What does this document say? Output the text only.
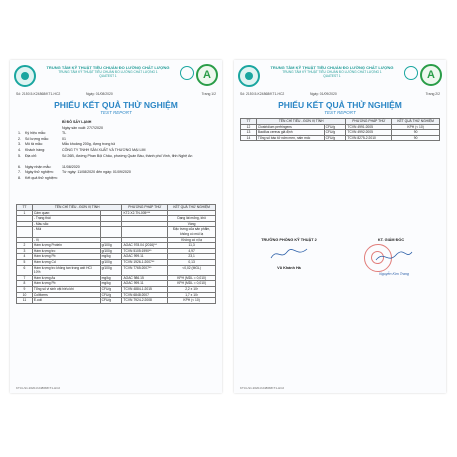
TRUNG TÂM KỸ THUẬT TIÊU CHUẨN ĐO LƯỜNG CHẤT LƯỢNG
TRUNG TÂM KỸ THUẬT TIÊU CHUẨN ĐO LƯỜNG CHẤT LƯỢNG 1
QUATEST 1	A
Số: 2150.5-K24868/KT1-HC2	Ngày: 01/08/2020	Trang 1/2
PHIẾU KẾT QUẢ THỬ NGHIỆM
TEST REPORT
BÌ ĐỎ SẤY LẠNH
Ngày sản xuất: 27/7/2020
1.	Ký hiệu mẫu:	TL
2.	Số lượng mẫu:	01
3.	Mô tả mẫu:	Mẫu khoảng 200g, đựng trong túi
4.	Khách hàng:	CÔNG TY TNHH SẢN XUẤT VÀ THƯƠNG MẠI LIM
5.	Địa chỉ:	Số 26B, đường Phan Bội Châu, phường Quán Bàu, thành phố Vinh, tỉnh Nghệ An
6.	Ngày nhận mẫu:	11/08/2020
7.	Ngày thử nghiệm:	Từ ngày: 11/08/2020 đến ngày: 01/09/2020
8.	Kết quả thử nghiệm:
TT	TÊN CHỈ TIÊU - ĐƠN VỊ TÍNH		PHƯƠNG PHÁP THỬ	KẾT QUẢ THỬ NGHIỆM
1	Cảm quan:		KT2.X2.TN-005***	
	- Trạng thái			Dạng lát mỏng, khô
	- Màu sắc			Vàng
	- Mùi			Đặc trưng của sản phẩm, không có mùi lạ
	- Vị			Không có vị lạ
2	Hàm lượng Protein	g/100g	AOAC 978.04 (2016)**	11,3
3	Hàm lượng tro	g/100g	TCVN 5105:1990**	4,97
4	Hàm lượng Pb	mg/kg	AOAC 999.11	23,1
5	Hàm lượng Cd	g/100g	TCVN 1926-1:2007**	0,13
6	Hàm lượng tro không tan trong axit HCl 10%	g/100g	TCVN 7765:2007**	<0,02 (MGL)
7	Hàm lượng As	mg/kg	AOAC 986.15	KPH (MDL = 0,010)
8	Hàm lượng Pb	mg/kg	AOAC 999.11	KPH (MDL = 0,010)
9	Tổng số vi sinh vật hiếu khí	CFU/g	TCVN 4884-1:2015	2,2 x 10³
10	Coliforms	CFU/g	TCVN 6848:2007	1,7 x 10²
11	E.coli	CFU/g	TCVN 7924-2:2008	KPH (< 10)
KT3-LS1.2020-K24868/KT1-HC2
TRUNG TÂM KỸ THUẬT TIÊU CHUẨN ĐO LƯỜNG CHẤT LƯỢNG
TRUNG TÂM KỸ THUẬT TIÊU CHUẨN ĐO LƯỜNG CHẤT LƯỢNG 1
QUATEST 1	A
Số: 2150.5-K24868/KT1-HC2	Ngày: 01/09/2020	Trang 2/2
PHIẾU KẾT QUẢ THỬ NGHIỆM
TEST REPORT
TT	TÊN CHỈ TIÊU - ĐƠN VỊ TÍNH		PHƯƠNG PHÁP THỬ	KẾT QUẢ THỬ NGHIỆM
12	Clostridium perfringens	CFU/g	TCVN 4991:2005	KPH (< 10)
13	Bacillus cereus giả định	CFU/g	TCVN 4992:2005	90
14	Tổng số bào tử nấm men, nấm mốc	CFU/g	TCVN 8275-2:2010	90
TRƯỞNG PHÒNG KỸ THUẬT 2
Vũ Khánh Hà
KT. GIÁM ĐỐC
Nguyễn Kim Trang
KT3-LS1.2020-K24868/KT1-HC2
